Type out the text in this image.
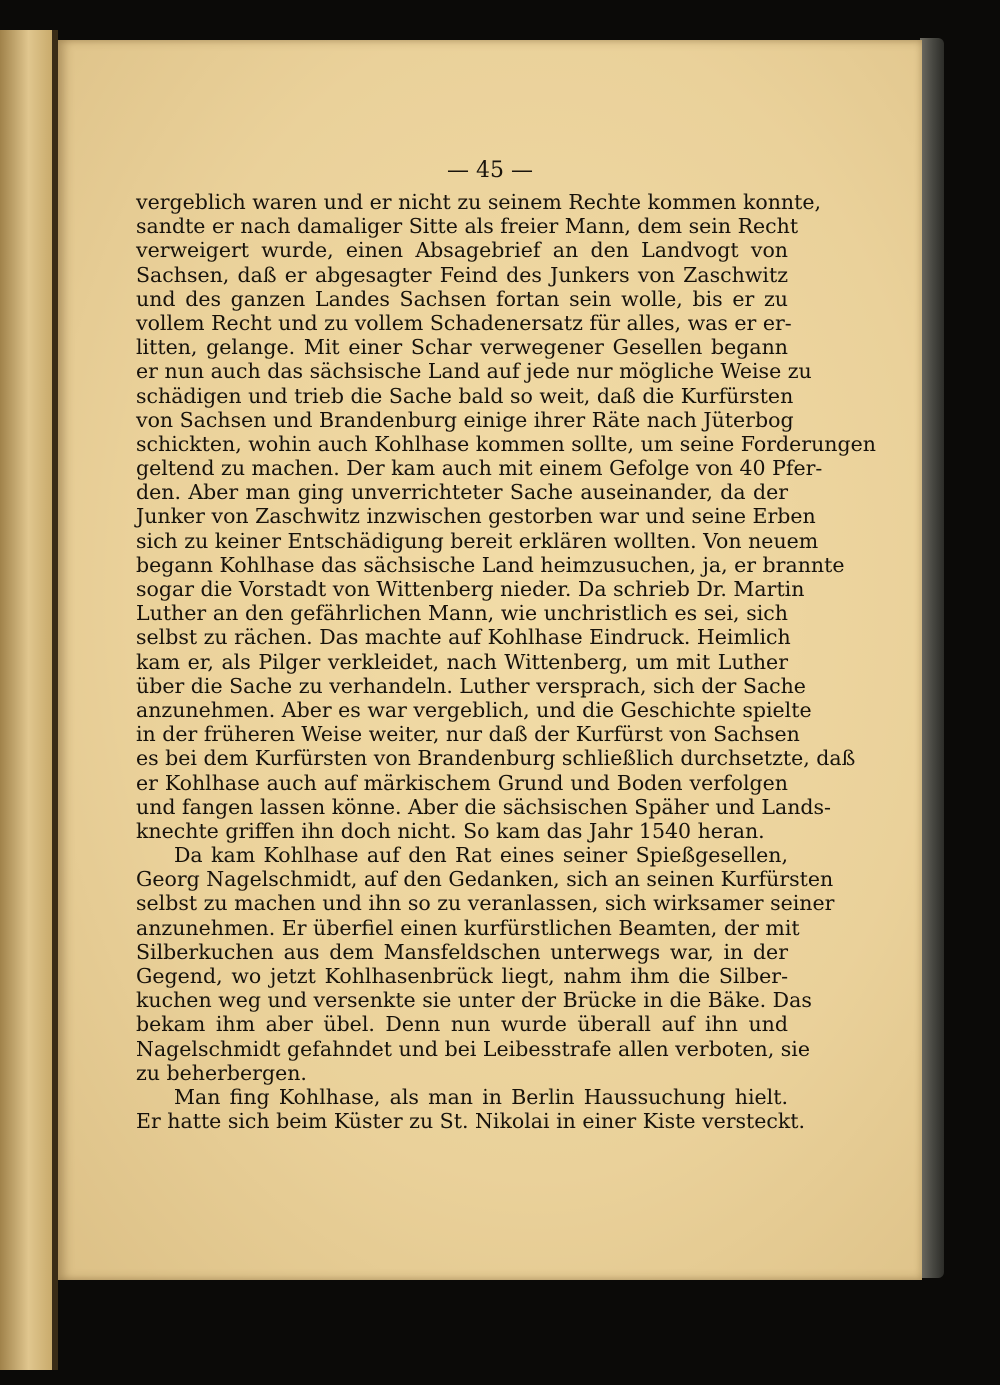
— 45 —
vergeblich waren und er nicht zu seinem Rechte kommen konnte,
sandte er nach damaliger Sitte als freier Mann, dem sein Recht
verweigert wurde, einen Absagebrief an den Landvogt von
Sachsen, daß er abgesagter Feind des Junkers von Zaschwitz
und des ganzen Landes Sachsen fortan sein wolle, bis er zu
vollem Recht und zu vollem Schadenersatz für alles, was er er-
litten, gelange. Mit einer Schar verwegener Gesellen begann
er nun auch das sächsische Land auf jede nur mögliche Weise zu
schädigen und trieb die Sache bald so weit, daß die Kurfürsten
von Sachsen und Brandenburg einige ihrer Räte nach Jüterbog
schickten, wohin auch Kohlhase kommen sollte, um seine Forderungen
geltend zu machen. Der kam auch mit einem Gefolge von 40 Pfer-
den. Aber man ging unverrichteter Sache auseinander, da der
Junker von Zaschwitz inzwischen gestorben war und seine Erben
sich zu keiner Entschädigung bereit erklären wollten. Von neuem
begann Kohlhase das sächsische Land heimzusuchen, ja, er brannte
sogar die Vorstadt von Wittenberg nieder. Da schrieb Dr. Martin
Luther an den gefährlichen Mann, wie unchristlich es sei, sich
selbst zu rächen. Das machte auf Kohlhase Eindruck. Heimlich
kam er, als Pilger verkleidet, nach Wittenberg, um mit Luther
über die Sache zu verhandeln. Luther versprach, sich der Sache
anzunehmen. Aber es war vergeblich, und die Geschichte spielte
in der früheren Weise weiter, nur daß der Kurfürst von Sachsen
es bei dem Kurfürsten von Brandenburg schließlich durchsetzte, daß
er Kohlhase auch auf märkischem Grund und Boden verfolgen
und fangen lassen könne. Aber die sächsischen Späher und Lands-
knechte griffen ihn doch nicht. So kam das Jahr 1540 heran.
Da kam Kohlhase auf den Rat eines seiner Spießgesellen,
Georg Nagelschmidt, auf den Gedanken, sich an seinen Kurfürsten
selbst zu machen und ihn so zu veranlassen, sich wirksamer seiner
anzunehmen. Er überfiel einen kurfürstlichen Beamten, der mit
Silberkuchen aus dem Mansfeldschen unterwegs war, in der
Gegend, wo jetzt Kohlhasenbrück liegt, nahm ihm die Silber-
kuchen weg und versenkte sie unter der Brücke in die Bäke. Das
bekam ihm aber übel. Denn nun wurde überall auf ihn und
Nagelschmidt gefahndet und bei Leibesstrafe allen verboten, sie
zu beherbergen.
Man fing Kohlhase, als man in Berlin Haussuchung hielt.
Er hatte sich beim Küster zu St. Nikolai in einer Kiste versteckt.
